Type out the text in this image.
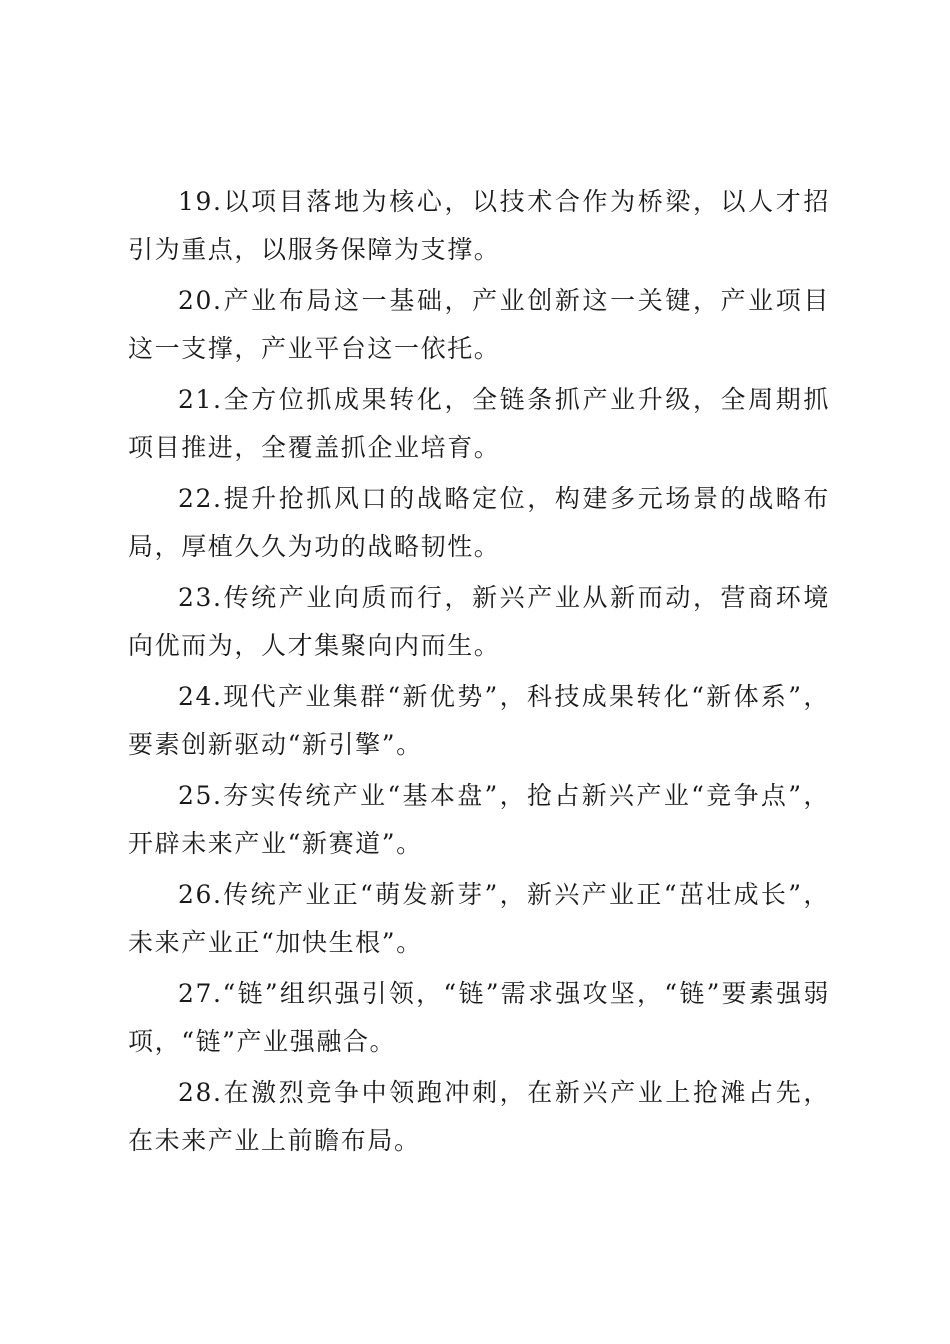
19.以项目落地为核心，以技术合作为桥梁，以人才招引为重点，以服务保障为支撑。

20.产业布局这一基础，产业创新这一关键，产业项目这一支撑，产业平台这一依托。

21.全方位抓成果转化，全链条抓产业升级，全周期抓项目推进，全覆盖抓企业培育。

22.提升抢抓风口的战略定位，构建多元场景的战略布局，厚植久久为功的战略韧性。

23.传统产业向质而行，新兴产业从新而动，营商环境向优而为，人才集聚向内而生。

24.现代产业集群“新优势”，科技成果转化“新体系”，要素创新驱动“新引擎”。

25.夯实传统产业“基本盘”，抢占新兴产业“竞争点”，开辟未来产业“新赛道”。

26.传统产业正“萌发新芽”，新兴产业正“茁壮成长”，未来产业正“加快生根”。

27.“链”组织强引领，“链”需求强攻坚，“链”要素强弱项，“链”产业强融合。

28.在激烈竞争中领跑冲刺，在新兴产业上抢滩占先，在未来产业上前瞻布局。
